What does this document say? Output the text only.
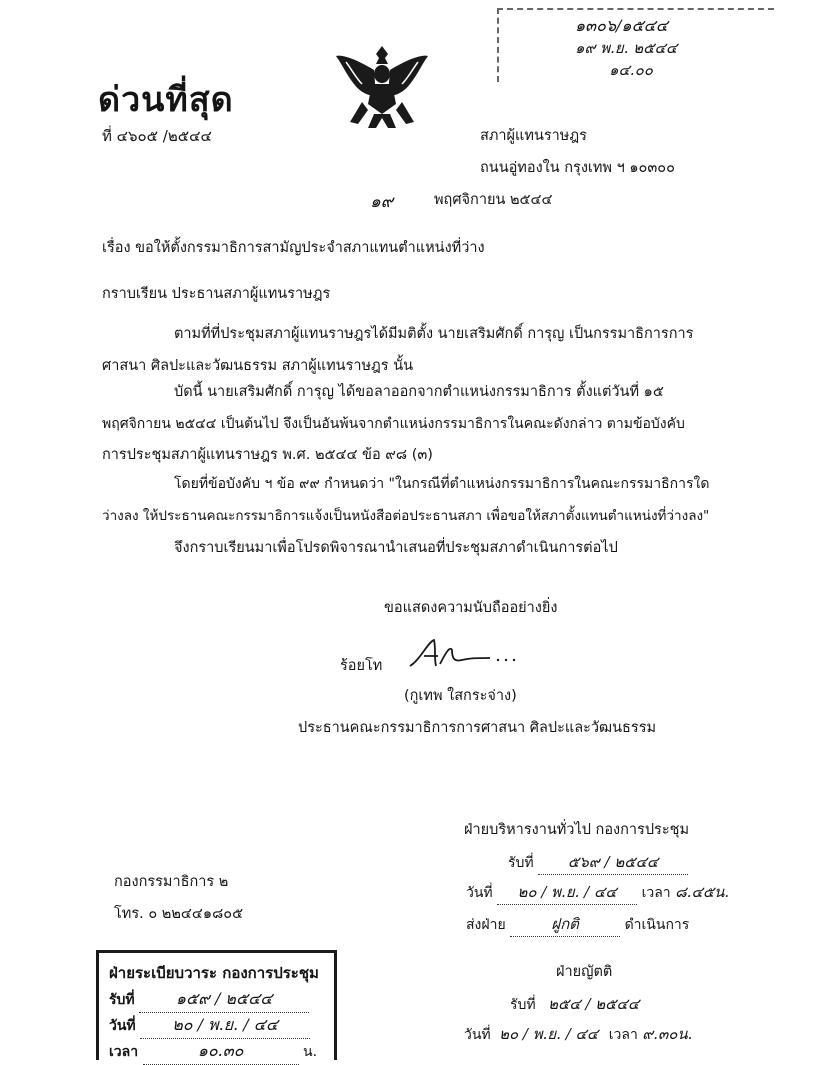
๑๓๐๖/๑๕๔๔
๑๙ พ.ย. ๒๕๔๔
๑๔.๐๐
ด่วนที่สุด
ที่ ๔๖๐๕ /๒๕๔๔	สภาผู้แทนราษฎร
ถนนอู่ทองใน กรุงเทพ ฯ ๑๐๓๐๐
๑๙	พฤศจิกายน ๒๕๔๔
เรื่อง ขอให้ตั้งกรรมาธิการสามัญประจำสภาแทนตำแหน่งที่ว่าง
กราบเรียน ประธานสภาผู้แทนราษฎร
ตามที่ที่ประชุมสภาผู้แทนราษฎรได้มีมติตั้ง นายเสริมศักดิ์ การุญ เป็นกรรมาธิการการ
ศาสนา ศิลปะและวัฒนธรรม สภาผู้แทนราษฎร นั้น
บัดนี้ นายเสริมศักดิ์ การุญ ได้ขอลาออกจากตำแหน่งกรรมาธิการ ตั้งแต่วันที่ ๑๕
พฤศจิกายน ๒๕๔๔ เป็นต้นไป จึงเป็นอันพ้นจากตำแหน่งกรรมาธิการในคณะดังกล่าว ตามข้อบังคับ
การประชุมสภาผู้แทนราษฎร พ.ศ. ๒๕๔๔ ข้อ ๙๘ (๓)
โดยที่ข้อบังคับ ฯ ข้อ ๙๙ กำหนดว่า "ในกรณีที่ตำแหน่งกรรมาธิการในคณะกรรมาธิการใด
ว่างลง ให้ประธานคณะกรรมาธิการแจ้งเป็นหนังสือต่อประธานสภา เพื่อขอให้สภาตั้งแทนตำแหน่งที่ว่างลง"
จึงกราบเรียนมาเพื่อโปรดพิจารณานำเสนอที่ประชุมสภาดำเนินการต่อไป
ขอแสดงความนับถืออย่างยิ่ง
ร้อยโท
(กูเทพ ใสกระจ่าง)
ประธานคณะกรรมาธิการการศาสนา ศิลปะและวัฒนธรรม
ฝ่ายบริหารงานทั่วไป กองการประชุม
รับที่ ๕๖๙ / ๒๕๔๔
วันที่ ๒๐ / พ.ย. / ๔๔ เวลา ๘.๔๕น.
ส่งฝ่าย	ฝูกติ	ดำเนินการ
ฝ่ายญัตติ
รับที่ ๒๕๔ / ๒๕๔๔
วันที่ ๒๐ / พ.ย. / ๔๔ เวลา ๙.๓๐น.
กองกรรมาธิการ ๒
โทร. ๐ ๒๒๔๔๑๘๐๕
ฝ่ายระเบียบวาระ กองการประชุม
รับที่	๑๕๙ / ๒๕๔๔
วันที่ ๒๐ / พ.ย. / ๔๔
เวลา	๑๐.๓๐	น.
